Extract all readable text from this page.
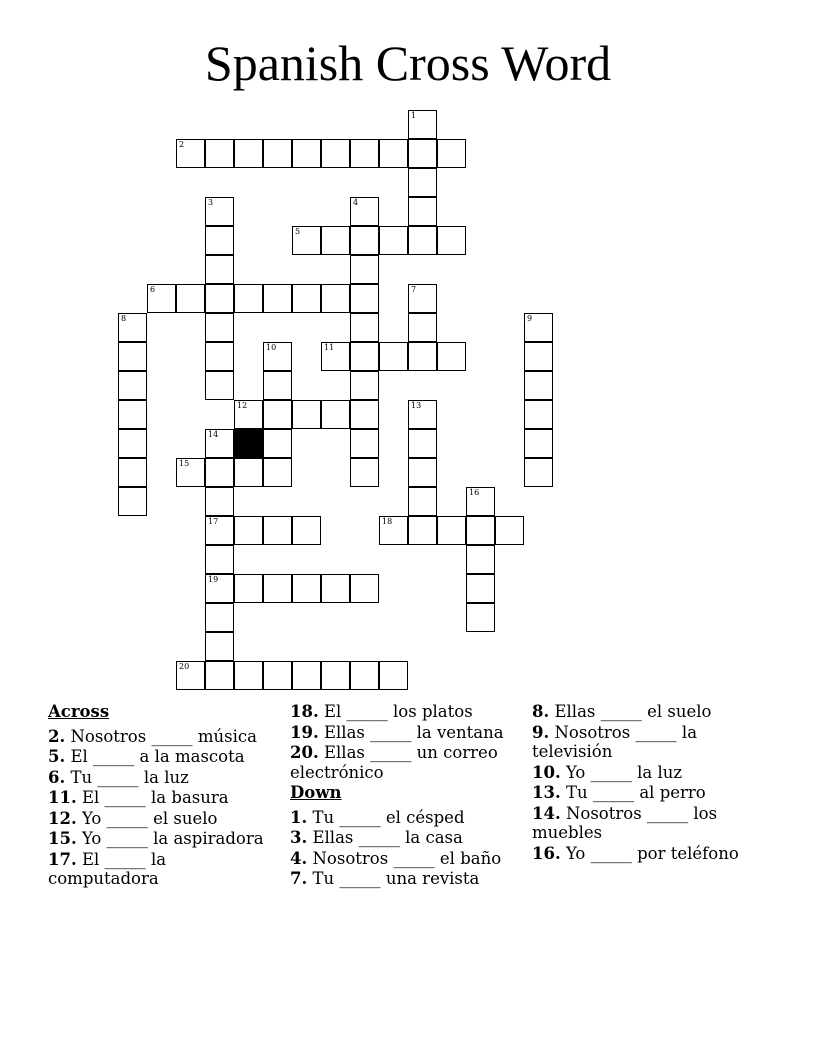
Spanish Cross Word
1
2
3	4
5
6	7
8	9
10	11
12	13
14
17
19
15
16
18
20
Across
2. Nosotros _____ música
5. El _____ a la mascota
6. Tu _____ la luz
11. El _____ la basura
12. Yo _____ el suelo
15. Yo _____ la aspiradora
17. El _____ la computadora
18. El _____ los platos
19. Ellas _____ la ventana
20. Ellas _____ un correo electrónico
Down
1. Tu _____ el césped
3. Ellas _____ la casa
4. Nosotros _____ el baño
7. Tu _____ una revista
8. Ellas _____ el suelo
9. Nosotros _____ la televisión
10. Yo _____ la luz
13. Tu _____ al perro
14. Nosotros _____ los muebles
16. Yo _____ por teléfono
